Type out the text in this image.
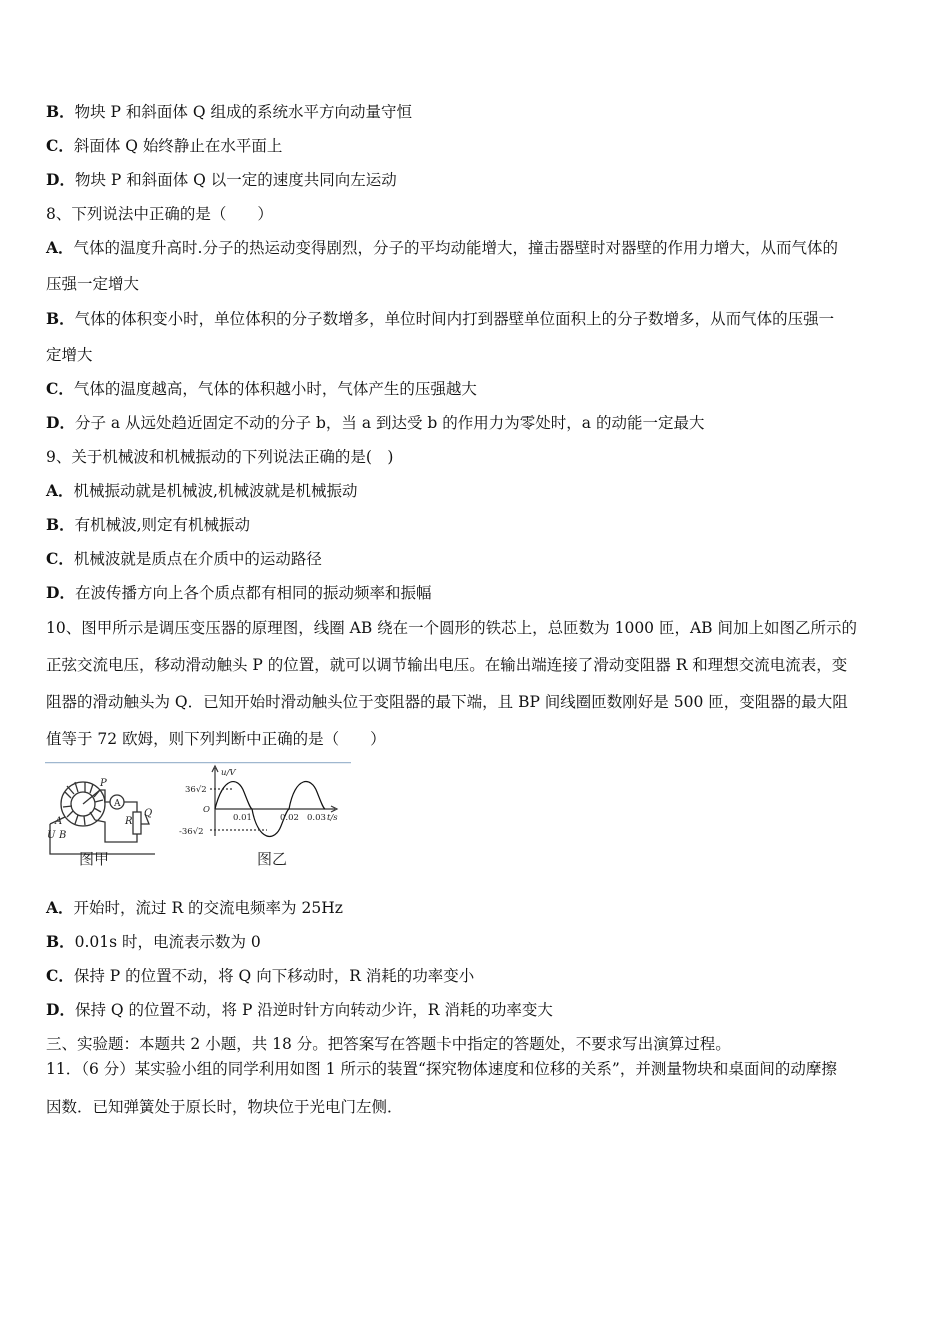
B．物块 P 和斜面体 Q 组成的系统水平方向动量守恒
C．斜面体 Q 始终静止在水平面上
D．物块 P 和斜面体 Q 以一定的速度共同向左运动
8、下列说法中正确的是（　　）
A．气体的温度升高时.分子的热运动变得剧烈，分子的平均动能增大，撞击器壁时对器壁的作用力增大，从而气体的
压强一定增大
B．气体的体积变小时，单位体积的分子数增多，单位时间内打到器壁单位面积上的分子数增多，从而气体的压强一
定增大
C．气体的温度越高，气体的体积越小时，气体产生的压强越大
D．分子 a 从远处趋近固定不动的分子 b，当 a 到达受 b 的作用力为零处时，a 的动能一定最大
9、关于机械波和机械振动的下列说法正确的是(　)
A．机械振动就是机械波,机械波就是机械振动
B．有机械波,则定有机械振动
C．机械波就是质点在介质中的运动路径
D．在波传播方向上各个质点都有相同的振动频率和振幅
10、图甲所示是调压变压器的原理图，线圈 AB 绕在一个圆形的铁芯上，总匝数为 1000 匝，AB 间加上如图乙所示的
正弦交流电压，移动滑动触头 P 的位置，就可以调节输出电压。在输出端连接了滑动变阻器 R 和理想交流电流表，变
阻器的滑动触头为 Q．已知开始时滑动触头位于变阻器的最下端，且 BP 间线圈匝数刚好是 500 匝，变阻器的最大阻
值等于 72 欧姆，则下列判断中正确的是（　　）
A
U B
P
R
Q
A
图甲
u/V
36√2
O
-36√2
0.01	0.02 0.03 t/s
图乙
A．开始时，流过 R 的交流电频率为 25Hz
B．0.01s 时，电流表示数为 0
C．保持 P 的位置不动，将 Q 向下移动时，R 消耗的功率变小
D．保持 Q 的位置不动，将 P 沿逆时针方向转动少许，R 消耗的功率变大
三、实验题：本题共 2 小题，共 18 分。把答案写在答题卡中指定的答题处，不要求写出演算过程。
11．（6 分）某实验小组的同学利用如图 1 所示的装置“探究物体速度和位移的关系”，并测量物块和桌面间的动摩擦
因数．已知弹簧处于原长时，物块位于光电门左侧．
